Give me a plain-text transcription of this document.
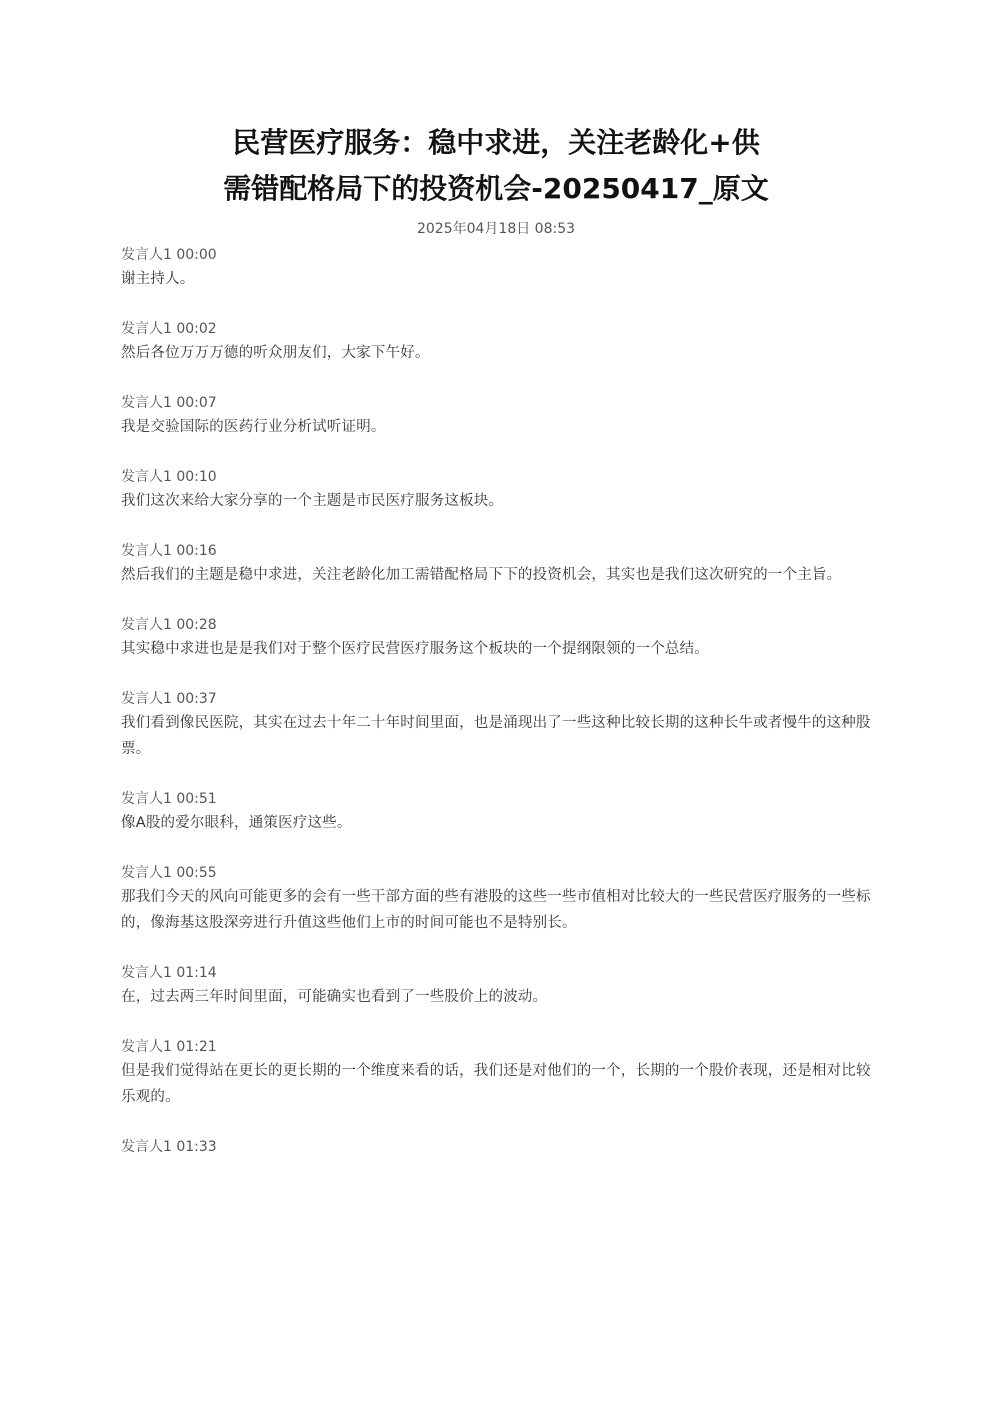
民营医疗服务：稳中求进，关注老龄化+供
需错配格局下的投资机会-20250417_原文
2025年04月18日 08:53
发言人1 00:00
谢主持人。
发言人1 00:02
然后各位万万万德的听众朋友们，大家下午好。
发言人1 00:07
我是交验国际的医药行业分析试听证明。
发言人1 00:10
我们这次来给大家分享的一个主题是市民医疗服务这板块。
发言人1 00:16
然后我们的主题是稳中求进，关注老龄化加工需错配格局下下的投资机会，其实也是我们这次研究的一个主旨。
发言人1 00:28
其实稳中求进也是是我们对于整个医疗民营医疗服务这个板块的一个提纲限领的一个总结。
发言人1 00:37
我们看到像民医院，其实在过去十年二十年时间里面，也是涌现出了一些这种比较长期的这种长牛或者慢牛的这种股票。
发言人1 00:51
像A股的爱尔眼科，通策医疗这些。
发言人1 00:55
那我们今天的风向可能更多的会有一些干部方面的些有港股的这些一些市值相对比较大的一些民营医疗服务的一些标的，像海基这股深旁进行升值这些他们上市的时间可能也不是特别长。
发言人1 01:14
在，过去两三年时间里面，可能确实也看到了一些股价上的波动。
发言人1 01:21
但是我们觉得站在更长的更长期的一个维度来看的话，我们还是对他们的一个，长期的一个股价表现，还是相对比较乐观的。
发言人1 01:33
